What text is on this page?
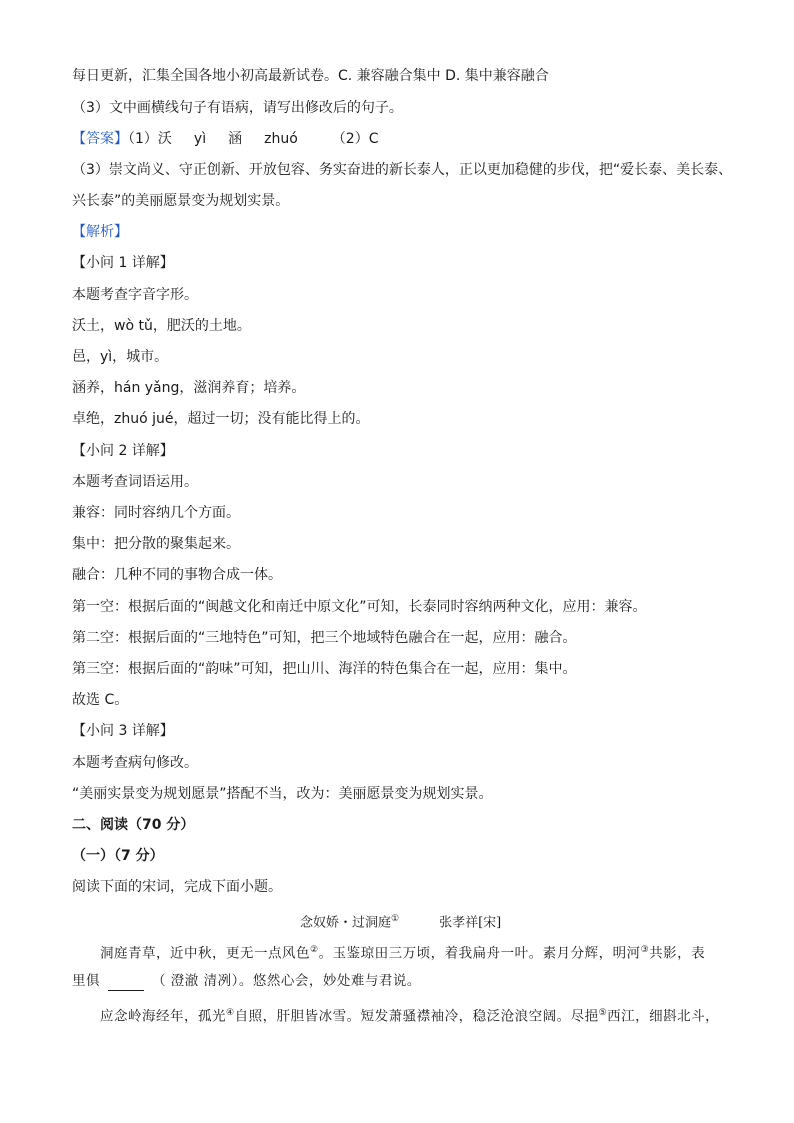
每日更新，汇集全国各地小初高最新试卷。C. 兼容融合集中 D. 集中兼容融合
（3）文中画横线句子有语病，请写出修改后的句子。
【答案】（1）沃 yì 涵 zhuó （2）C
（3）崇文尚义、守正创新、开放包容、务实奋进的新长泰人，正以更加稳健的步伐，把“爱长泰、美长泰、
兴长泰”的美丽愿景变为规划实景。
【解析】
【小问 1 详解】
本题考查字音字形。
沃土，wò tǔ，肥沃的土地。
邑，yì，城市。
涵养，hán yǎng，滋润养育；培养。
卓绝，zhuó jué，超过一切；没有能比得上的。
【小问 2 详解】
本题考查词语运用。
兼容：同时容纳几个方面。
集中：把分散的聚集起来。
融合：几种不同的事物合成一体。
第一空：根据后面的“闽越文化和南迁中原文化”可知，长泰同时容纳两种文化，应用：兼容。
第二空：根据后面的“三地特色”可知，把三个地域特色融合在一起，应用：融合。
第三空：根据后面的“韵味”可知，把山川、海洋的特色集合在一起，应用：集中。
故选 C。
【小问 3 详解】
本题考查病句修改。
“美丽实景变为规划愿景”搭配不当，改为：美丽愿景变为规划实景。
二、阅读（70 分）
（一）（7 分）
阅读下面的宋词，完成下面小题。
念奴娇・过洞庭①	张孝祥[宋]
洞庭青草，近中秋，更无一点风色②。玉鉴琼田三万顷，着我扁舟一叶。素月分辉，明河③共影，表
里俱	（ 澄澈 清冽）。悠然心会，妙处难与君说。
应念岭海经年，孤光④自照，肝胆皆冰雪。短发萧骚襟袖冷，稳泛沧浪空阔。尽挹⑤西江，细斟北斗，
